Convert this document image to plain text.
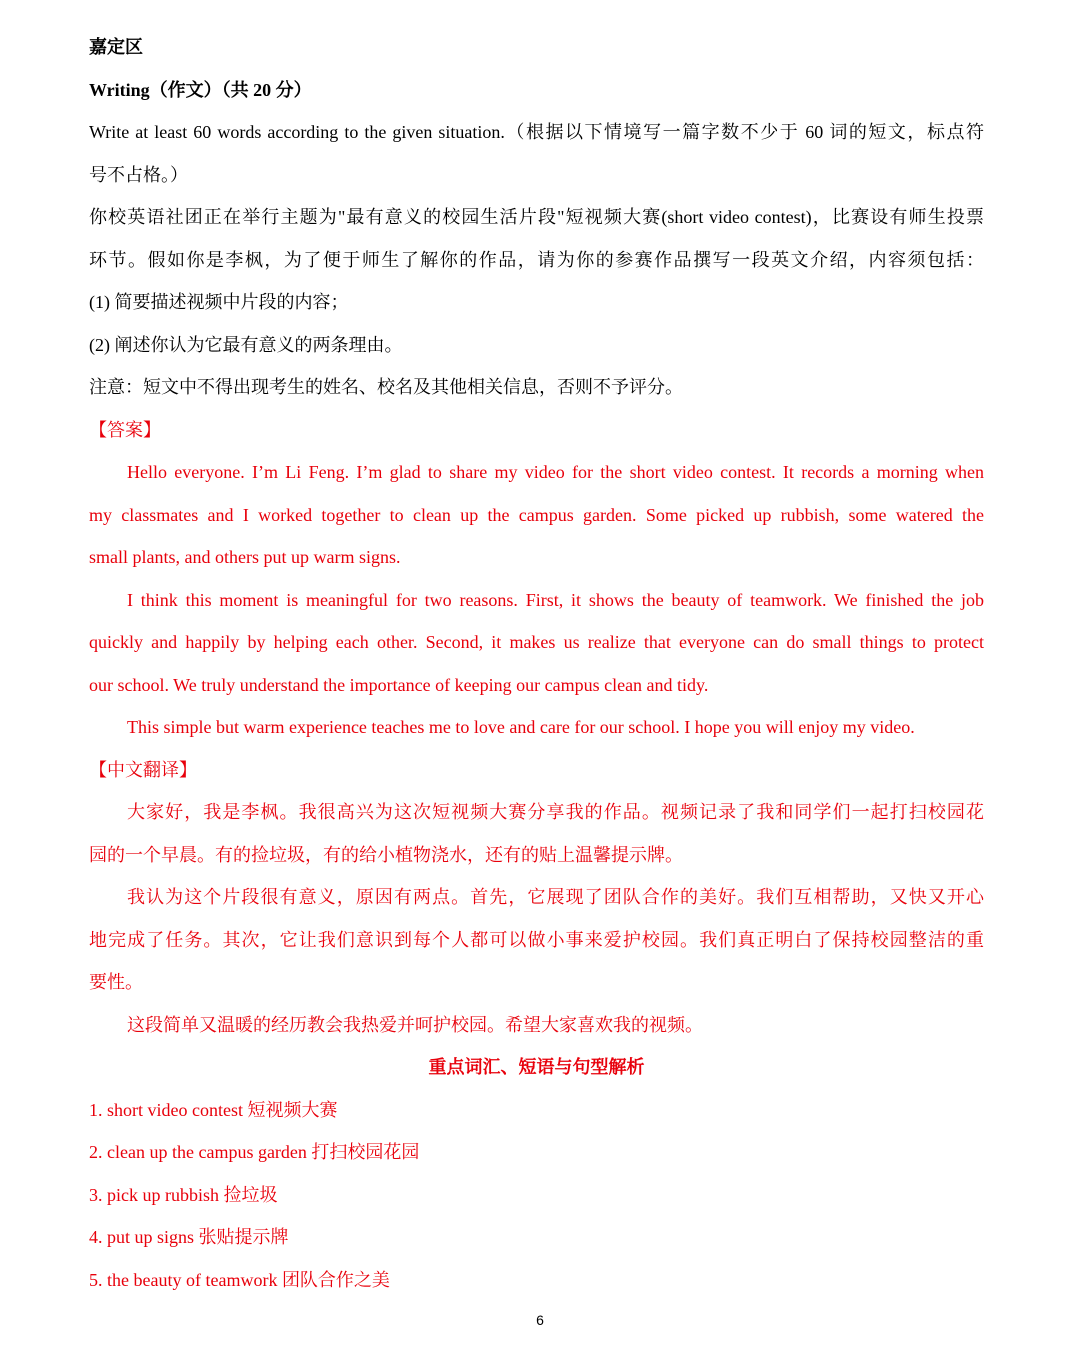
嘉定区
Writing（作文）（共 20 分）
Write at least 60 words according to the given situation.（根据以下情境写一篇字数不少于 60 词的短文，标点符
号不占格。）
你校英语社团正在举行主题为"最有意义的校园生活片段"短视频大赛(short video contest)，比赛设有师生投票
环节。假如你是李枫，为了便于师生了解你的作品，请为你的参赛作品撰写一段英文介绍，内容须包括：
(1) 简要描述视频中片段的内容；
(2) 阐述你认为它最有意义的两条理由。
注意：短文中不得出现考生的姓名、校名及其他相关信息，否则不予评分。
【答案】
Hello everyone. I’m Li Feng. I’m glad to share my video for the short video contest. It records a morning when
my classmates and I worked together to clean up the campus garden. Some picked up rubbish, some watered the
small plants, and others put up warm signs.
I think this moment is meaningful for two reasons. First, it shows the beauty of teamwork. We finished the job
quickly and happily by helping each other. Second, it makes us realize that everyone can do small things to protect
our school. We truly understand the importance of keeping our campus clean and tidy.
This simple but warm experience teaches me to love and care for our school. I hope you will enjoy my video.
【中文翻译】
大家好，我是李枫。我很高兴为这次短视频大赛分享我的作品。视频记录了我和同学们一起打扫校园花
园的一个早晨。有的捡垃圾，有的给小植物浇水，还有的贴上温馨提示牌。
我认为这个片段很有意义，原因有两点。首先，它展现了团队合作的美好。我们互相帮助，又快又开心
地完成了任务。其次，它让我们意识到每个人都可以做小事来爱护校园。我们真正明白了保持校园整洁的重
要性。
这段简单又温暖的经历教会我热爱并呵护校园。希望大家喜欢我的视频。
重点词汇、短语与句型解析
1. short video contest 短视频大赛
2. clean up the campus garden 打扫校园花园
3. pick up rubbish 捡垃圾
4. put up signs 张贴提示牌
5. the beauty of teamwork 团队合作之美
6
